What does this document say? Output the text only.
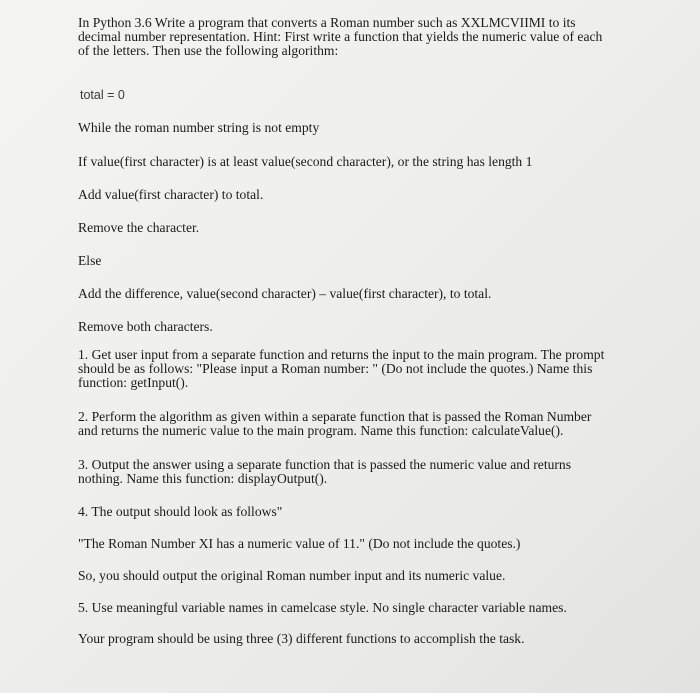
In Python 3.6 Write a program that converts a Roman number such as XXLMCVIIMI to its
decimal number representation. Hint: First write a function that yields the numeric value of each
of the letters. Then use the following algorithm:

total = 0

While the roman number string is not empty

If value(first character) is at least value(second character), or the string has length 1

Add value(first character) to total.

Remove the character.

Else

Add the difference, value(second character) – value(first character), to total.

Remove both characters.

1. Get user input from a separate function and returns the input to the main program. The prompt
should be as follows: "Please input a Roman number: " (Do not include the quotes.) Name this
function: getInput().

2. Perform the algorithm as given within a separate function that is passed the Roman Number
and returns the numeric value to the main program. Name this function: calculateValue().

3. Output the answer using a separate function that is passed the numeric value and returns
nothing. Name this function: displayOutput().

4. The output should look as follows"

"The Roman Number XI has a numeric value of 11." (Do not include the quotes.)

So, you should output the original Roman number input and its numeric value.

5. Use meaningful variable names in camelcase style. No single character variable names.

Your program should be using three (3) different functions to accomplish the task.
